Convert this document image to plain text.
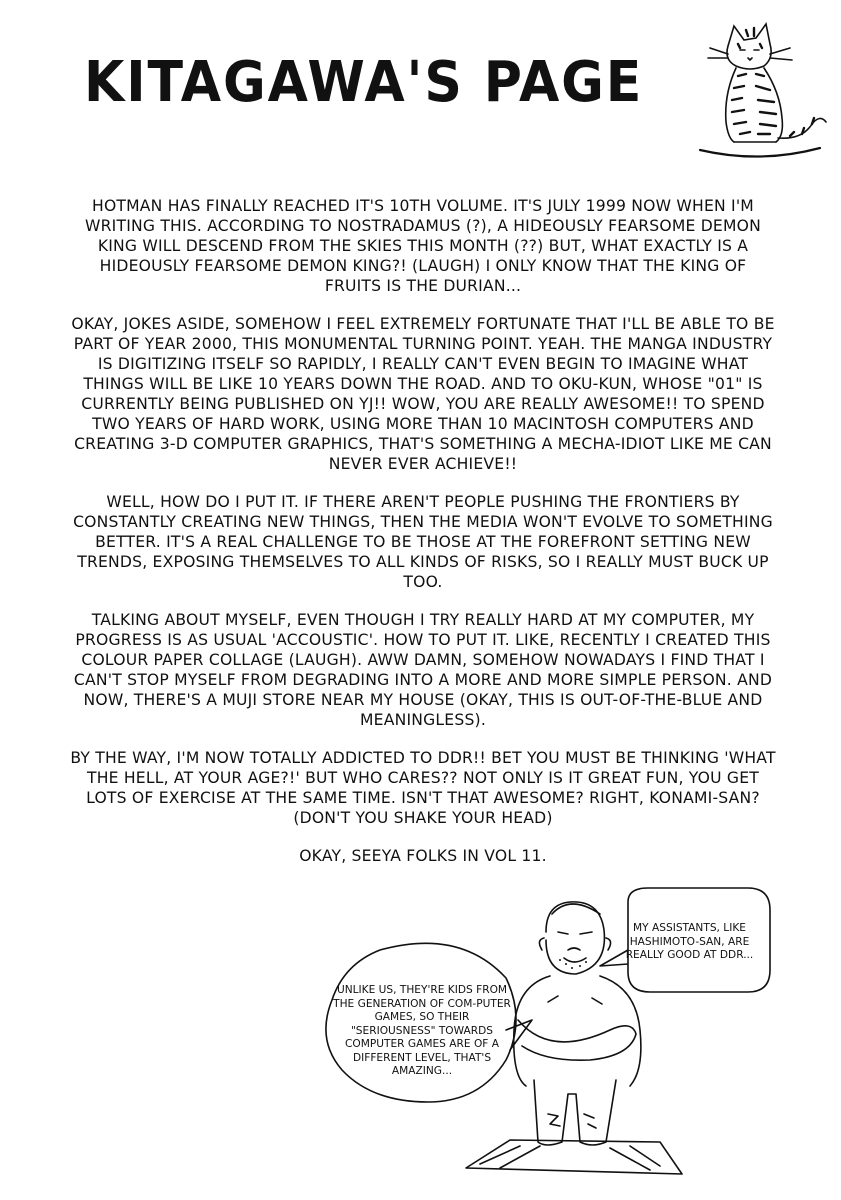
KITAGAWA'S PAGE

HOTMAN HAS FINALLY REACHED IT'S 10TH VOLUME. IT'S JULY 1999 NOW WHEN I'M WRITING THIS. ACCORDING TO NOSTRADAMUS (?), A HIDEOUSLY FEARSOME DEMON KING WILL DESCEND FROM THE SKIES THIS MONTH (??) BUT, WHAT EXACTLY IS A HIDEOUSLY FEARSOME DEMON KING?! (LAUGH) I ONLY KNOW THAT THE KING OF FRUITS IS THE DURIAN...

OKAY, JOKES ASIDE, SOMEHOW I FEEL EXTREMELY FORTUNATE THAT I'LL BE ABLE TO BE PART OF YEAR 2000, THIS MONUMENTAL TURNING POINT. YEAH. THE MANGA INDUSTRY IS DIGITIZING ITSELF SO RAPIDLY, I REALLY CAN'T EVEN BEGIN TO IMAGINE WHAT THINGS WILL BE LIKE 10 YEARS DOWN THE ROAD. AND TO OKU-KUN, WHOSE "01" IS CURRENTLY BEING PUBLISHED ON YJ!! WOW, YOU ARE REALLY AWESOME!! TO SPEND TWO YEARS OF HARD WORK, USING MORE THAN 10 MACINTOSH COMPUTERS AND CREATING 3-D COMPUTER GRAPHICS, THAT'S SOMETHING A MECHA-IDIOT LIKE ME CAN NEVER EVER ACHIEVE!!

WELL, HOW DO I PUT IT. IF THERE AREN'T PEOPLE PUSHING THE FRONTIERS BY CONSTANTLY CREATING NEW THINGS, THEN THE MEDIA WON'T EVOLVE TO SOMETHING BETTER. IT'S A REAL CHALLENGE TO BE THOSE AT THE FOREFRONT SETTING NEW TRENDS, EXPOSING THEMSELVES TO ALL KINDS OF RISKS, SO I REALLY MUST BUCK UP TOO.

TALKING ABOUT MYSELF, EVEN THOUGH I TRY REALLY HARD AT MY COMPUTER, MY PROGRESS IS AS USUAL 'ACCOUSTIC'. HOW TO PUT IT. LIKE, RECENTLY I CREATED THIS COLOUR PAPER COLLAGE (LAUGH). AWW DAMN, SOMEHOW NOWADAYS I FIND THAT I CAN'T STOP MYSELF FROM DEGRADING INTO A MORE AND MORE SIMPLE PERSON. AND NOW, THERE'S A MUJI STORE NEAR MY HOUSE (OKAY, THIS IS OUT-OF-THE-BLUE AND MEANINGLESS).

BY THE WAY, I'M NOW TOTALLY ADDICTED TO DDR!! BET YOU MUST BE THINKING 'WHAT THE HELL, AT YOUR AGE?!' BUT WHO CARES?? NOT ONLY IS IT GREAT FUN, YOU GET LOTS OF EXERCISE AT THE SAME TIME. ISN'T THAT AWESOME? RIGHT, KONAMI-SAN? (DON'T YOU SHAKE YOUR HEAD)

OKAY, SEEYA FOLKS IN VOL 11.

MY ASSISTANTS, LIKE HASHIMOTO-SAN, ARE REALLY GOOD AT DDR...
UNLIKE US, THEY'RE KIDS FROM THE GENERATION OF COM-PUTER GAMES, SO THEIR "SERIOUSNESS" TOWARDS COMPUTER GAMES ARE OF A DIFFERENT LEVEL, THAT'S AMAZING...
